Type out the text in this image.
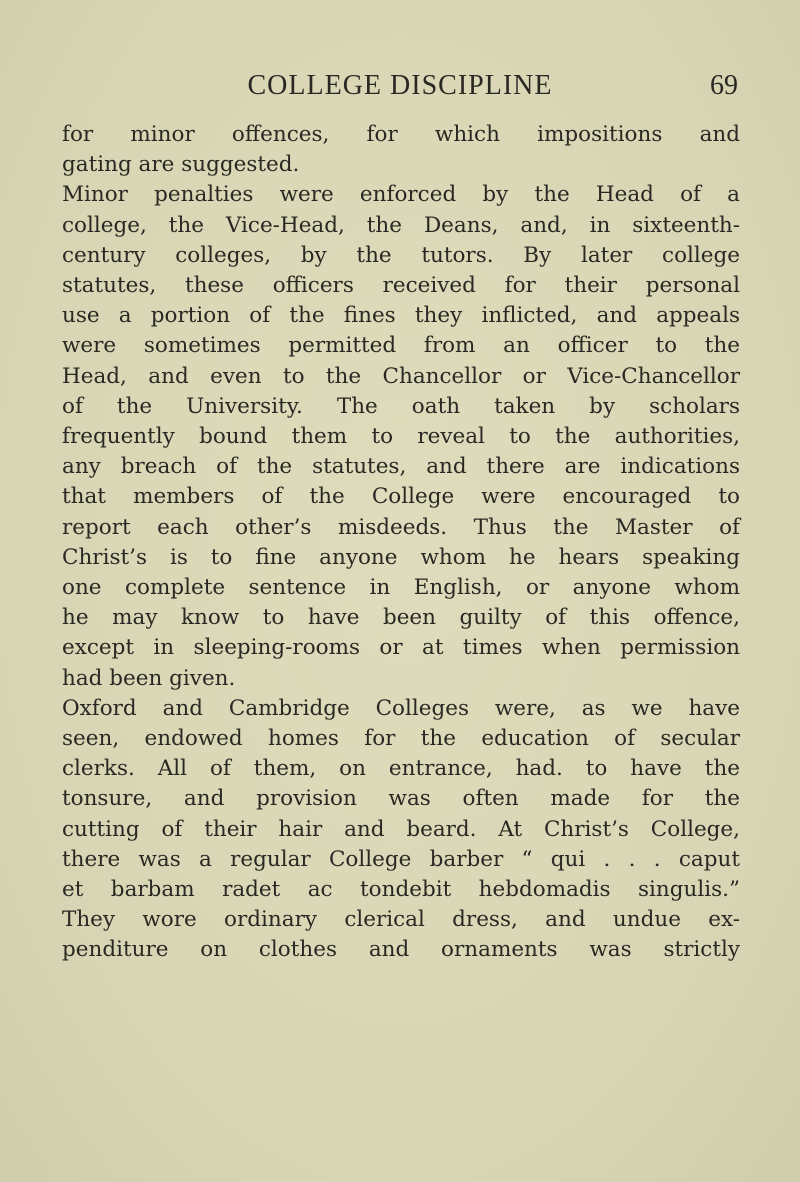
COLLEGE DISCIPLINE	69
for minor offences, for which impositions and
gating are suggested.
Minor penalties were enforced by the Head of a
college, the Vice-Head, the Deans, and, in sixteenth-
century colleges, by the tutors. By later college
statutes, these officers received for their personal
use a portion of the fines they inflicted, and appeals
were sometimes permitted from an officer to the
Head, and even to the Chancellor or Vice-Chancellor
of the University. The oath taken by scholars
frequently bound them to reveal to the authorities,
any breach of the statutes, and there are indications
that members of the College were encouraged to
report each other’s misdeeds. Thus the Master of
Christ’s is to fine anyone whom he hears speaking
one complete sentence in English, or anyone whom
he may know to have been guilty of this offence,
except in sleeping-rooms or at times when permission
had been given.
Oxford and Cambridge Colleges were, as we have
seen, endowed homes for the education of secular
clerks. All of them, on entrance, had. to have the
tonsure, and provision was often made for the
cutting of their hair and beard. At Christ’s College,
there was a regular College barber “ qui . . . caput
et barbam radet ac tondebit hebdomadis singulis.”
They wore ordinary clerical dress, and undue ex-
penditure on clothes and ornaments was strictly
